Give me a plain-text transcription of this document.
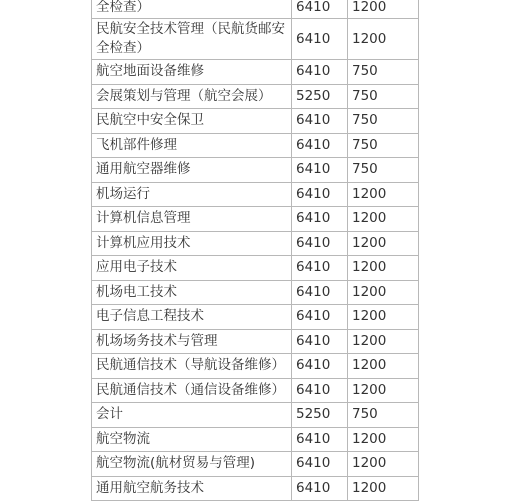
全检查）	6410	1200
民航安全技术管理（民航货邮安全检查）	6410	1200
航空地面设备维修	6410	750
会展策划与管理（航空会展）	5250	750
民航空中安全保卫	6410	750
飞机部件修理	6410	750
通用航空器维修	6410	750
机场运行	6410	1200
计算机信息管理	6410	1200
计算机应用技术	6410	1200
应用电子技术	6410	1200
机场电工技术	6410	1200
电子信息工程技术	6410	1200
机场场务技术与管理	6410	1200
民航通信技术（导航设备维修）	6410	1200
民航通信技术（通信设备维修）	6410	1200
会计	5250	750
航空物流	6410	1200
航空物流(航材贸易与管理)	6410	1200
通用航空航务技术	6410	1200
